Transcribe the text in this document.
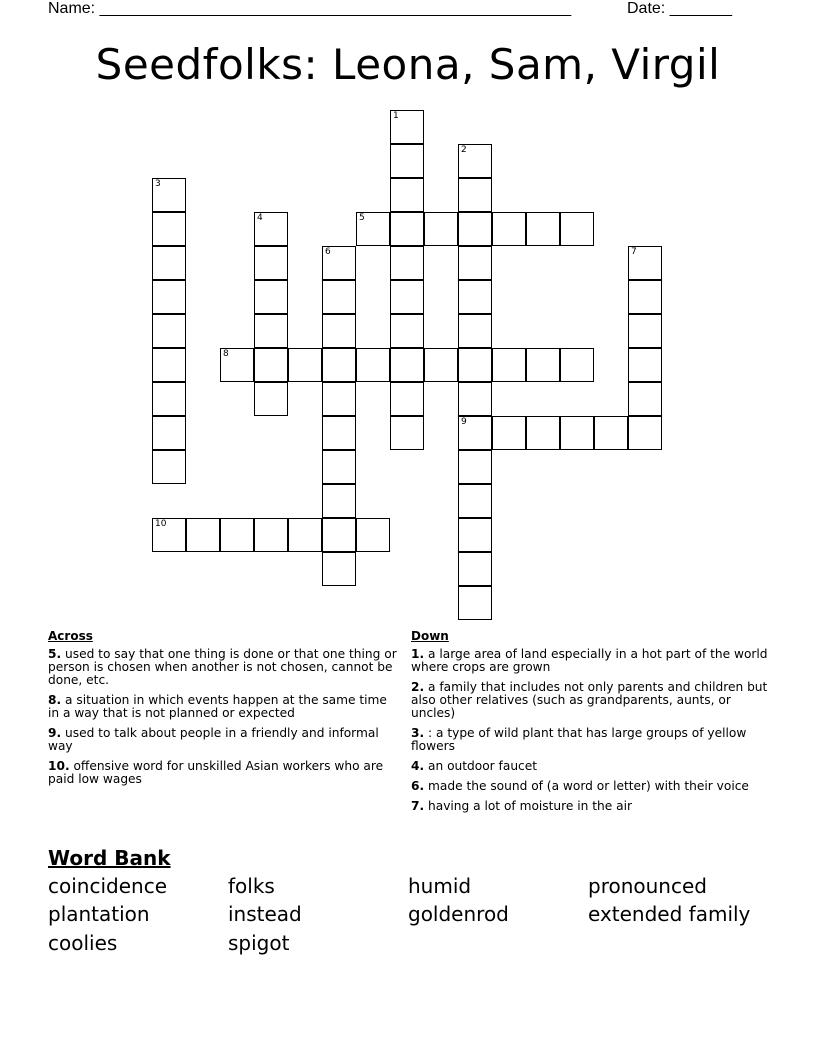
Name: _____________________________________________________	Date: _______
Seedfolks: Leona, Sam, Virgil
1
2
9
3
4	5
6	7
8
10
Across
5. used to say that one thing is done or that one thing or person is chosen when another is not chosen, cannot be done, etc.
8. a situation in which events happen at the same time in a way that is not planned or expected
9. used to talk about people in a friendly and informal way
10. offensive word for unskilled Asian workers who are paid low wages
Down
1. a large area of land especially in a hot part of the world where crops are grown
2. a family that includes not only parents and children but also other relatives (such as grandparents, aunts, or uncles)
3. : a type of wild plant that has large groups of yellow flowers
4. an outdoor faucet
6. made the sound of (a word or letter) with their voice
7. having a lot of moisture in the air
Word Bank
coincidence	folks	humid	pronounced
plantation	instead	goldenrod	extended family
coolies	spigot
